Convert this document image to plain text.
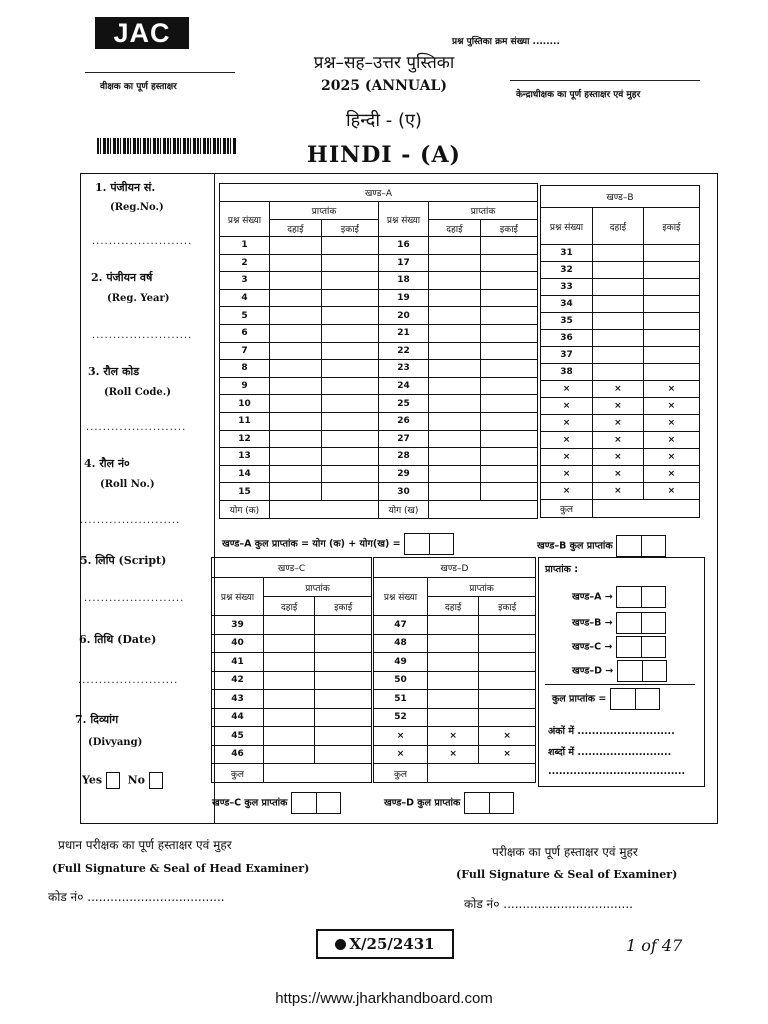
JAC	प्रश्न पुस्तिका क्रम संख्या ........
वीक्षक का पूर्ण हस्ताक्षर
केन्द्राधीक्षक का पूर्ण हस्ताक्षर एवं मुहर
प्रश्न–सह–उत्तर पुस्तिका
2025 (ANNUAL)
हिन्दी - (ए)
HINDI - (A)
1. पंजीयन सं.
(Reg.No.)
........................
2. पंजीयन वर्ष
(Reg. Year)
........................
3. रौल कोड
(Roll Code.)
........................
4. रौल नं०
(Roll No.)
........................
5. लिपि (Script)
........................
6. तिथि (Date)
........................
7. दिव्यांग
(Divyang)
Yes No
खण्ड–A					
प्रश्न संख्या	प्राप्तांक		प्रश्न संख्या	प्राप्तांक	
	दहाई	इकाई		दहाई	इकाई
1			16		
2			17		
3			18		
4			19		
5			20		
6			21		
7			22		
8			23		
9			24		
10			25		
11			26		
12			27		
13			28		
14			29		
15			30		
योग (क)			योग (ख)		
खण्ड–B		
प्रश्न संख्या	दहाई	इकाई
31		
32		
33		
34		
35		
36		
37		
38		
×	×	×
×	×	×
×	×	×
×	×	×
×	×	×
×	×	×
×	×	×
कुल		
खण्ड–A कुल प्राप्तांक = योग (क) + योग(ख) =	खण्ड–B कुल प्राप्तांक
खण्ड–C		
प्रश्न संख्या	प्राप्तांक	
	दहाई	इकाई
39		
40		
41		
42		
43		
44		
45		
46		
कुल		
खण्ड–D		
प्रश्न संख्या	प्राप्तांक	
	दहाई	इकाई
47		
48		
49		
50		
51		
52		
×	×	×
×	×	×
कुल		
खण्ड–C कुल प्राप्तांक	खण्ड–D कुल प्राप्तांक
प्राप्तांक :
खण्ड–A →
खण्ड–B →
खण्ड–C →
खण्ड–D →
कुल प्राप्तांक =
अंकों में ...........................
शब्दों में ..........................
......................................
प्रधान परीक्षक का पूर्ण हस्ताक्षर एवं मुहर
(Full Signature & Seal of Head Examiner)
कोड नं० ....................................
परीक्षक का पूर्ण हस्ताक्षर एवं मुहर
(Full Signature & Seal of Examiner)
कोड नं० ..................................
X/25/2431	1 of 47
https://www.jharkhandboard.com
